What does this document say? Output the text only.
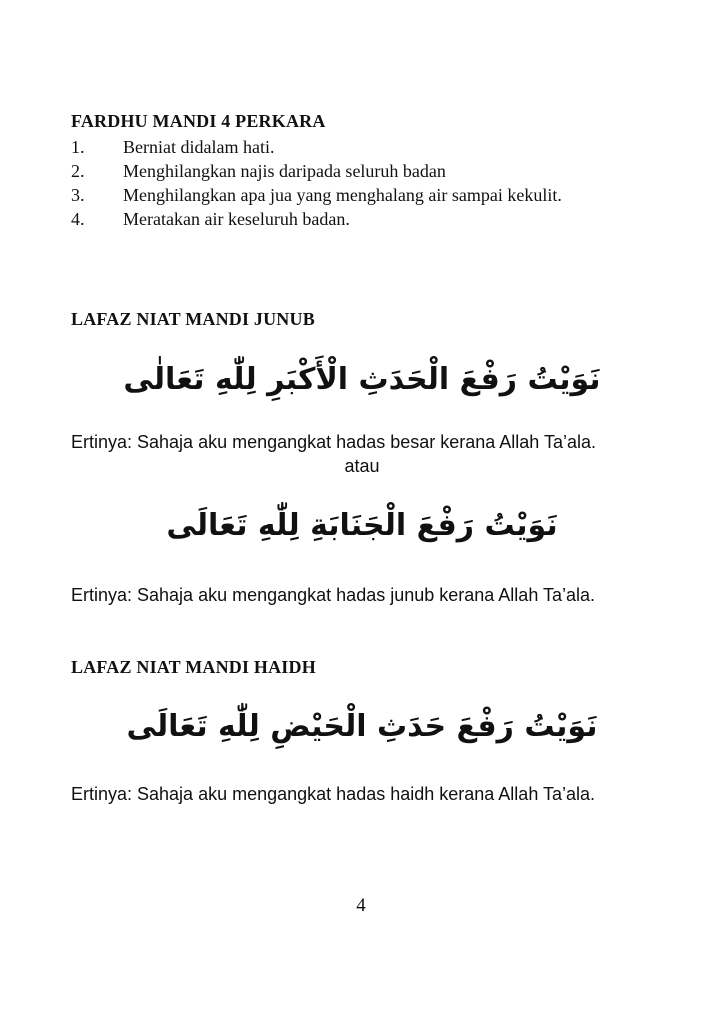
FARDHU MANDI 4 PERKARA
1.	Berniat didalam hati.
2.	Menghilangkan najis daripada seluruh badan
3.	Menghilangkan apa jua yang menghalang air sampai kekulit.
4.	Meratakan air keseluruh badan.
LAFAZ NIAT MANDI JUNUB
نَوَيْتُ رَفْعَ الْحَدَثِ الْأَكْبَرِ لِلّٰهِ تَعَالٰى
Ertinya: Sahaja aku mengangkat hadas besar kerana Allah Ta’ala.
atau
نَوَيْتُ رَفْعَ الْجَنَابَةِ لِلّٰهِ تَعَالَى
Ertinya: Sahaja aku mengangkat hadas junub kerana Allah Ta’ala.
LAFAZ NIAT MANDI HAIDH
نَوَيْتُ رَفْعَ حَدَثِ الْحَيْضِ لِلّٰهِ تَعَالَى
Ertinya: Sahaja aku mengangkat hadas haidh kerana Allah Ta’ala.
4
